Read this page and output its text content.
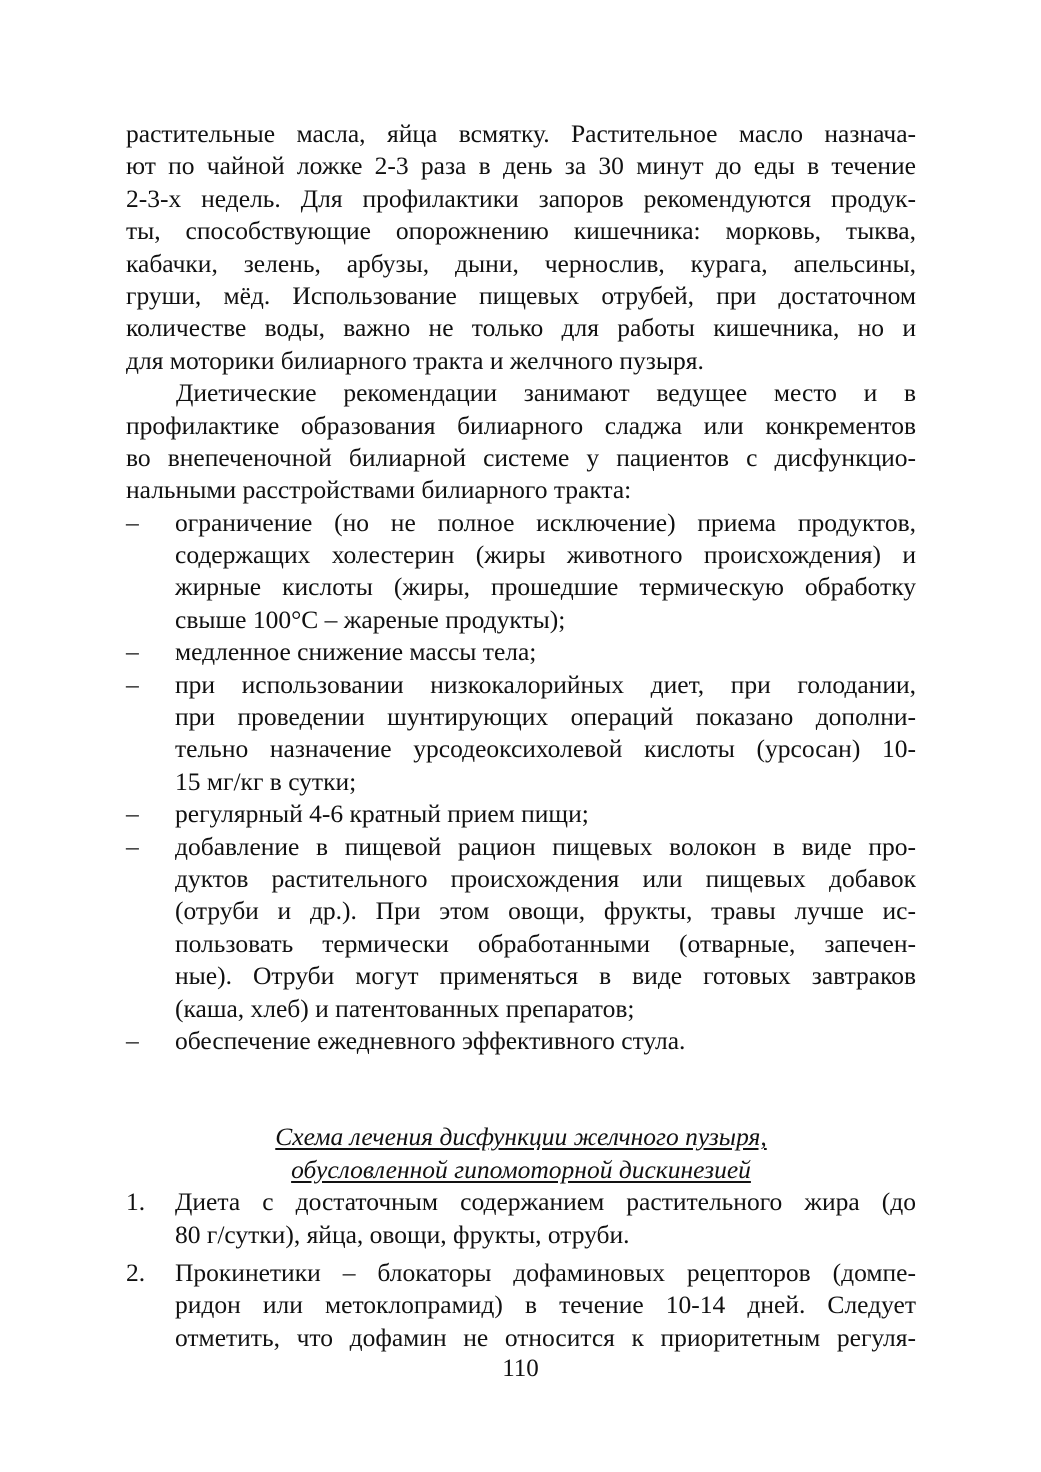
растительные масла, яйца всмятку. Растительное масло назнача-
ют по чайной ложке 2-3 раза в день за 30 минут до еды в течение
2-3-х недель. Для профилактики запоров рекомендуются продук-
ты, способствующие опорожнению кишечника: морковь, тыква,
кабачки, зелень, арбузы, дыни, чернослив, курага, апельсины,
груши, мёд. Использование пищевых отрубей, при достаточном
количестве воды, важно не только для работы кишечника, но и
для моторики билиарного тракта и желчного пузыря.
Диетические рекомендации занимают ведущее место и в
профилактике образования билиарного сладжа или конкрементов
во внепеченочной билиарной системе у пациентов с дисфункцио-
нальными расстройствами билиарного тракта:
– ограничение (но не полное исключение) приема продуктов,
содержащих холестерин (жиры животного происхождения) и
жирные кислоты (жиры, прошедшие термическую обработку
свыше 100°С – жареные продукты);
– медленное снижение массы тела;
– при использовании низкокалорийных диет, при голодании,
при проведении шунтирующих операций показано дополни-
тельно назначение урсодеоксихолевой кислоты (урсосан) 10-
15 мг/кг в сутки;
– регулярный 4-6 кратный прием пищи;
– добавление в пищевой рацион пищевых волокон в виде про-
дуктов растительного происхождения или пищевых добавок
(отруби и др.). При этом овощи, фрукты, травы лучше ис-
пользовать термически обработанными (отварные, запечен-
ные). Отруби могут применяться в виде готовых завтраков
(каша, хлеб) и патентованных препаратов;
– обеспечение ежедневного эффективного стула.
Схема лечения дисфункции желчного пузыря,
обусловленной гипомоторной дискинезией
1. Диета с достаточным содержанием растительного жира (до
80 г/сутки), яйца, овощи, фрукты, отруби.
2. Прокинетики – блокаторы дофаминовых рецепторов (домпе-
ридон или метоклопрамид) в течение 10-14 дней. Следует
отметить, что дофамин не относится к приоритетным регуля-
110
